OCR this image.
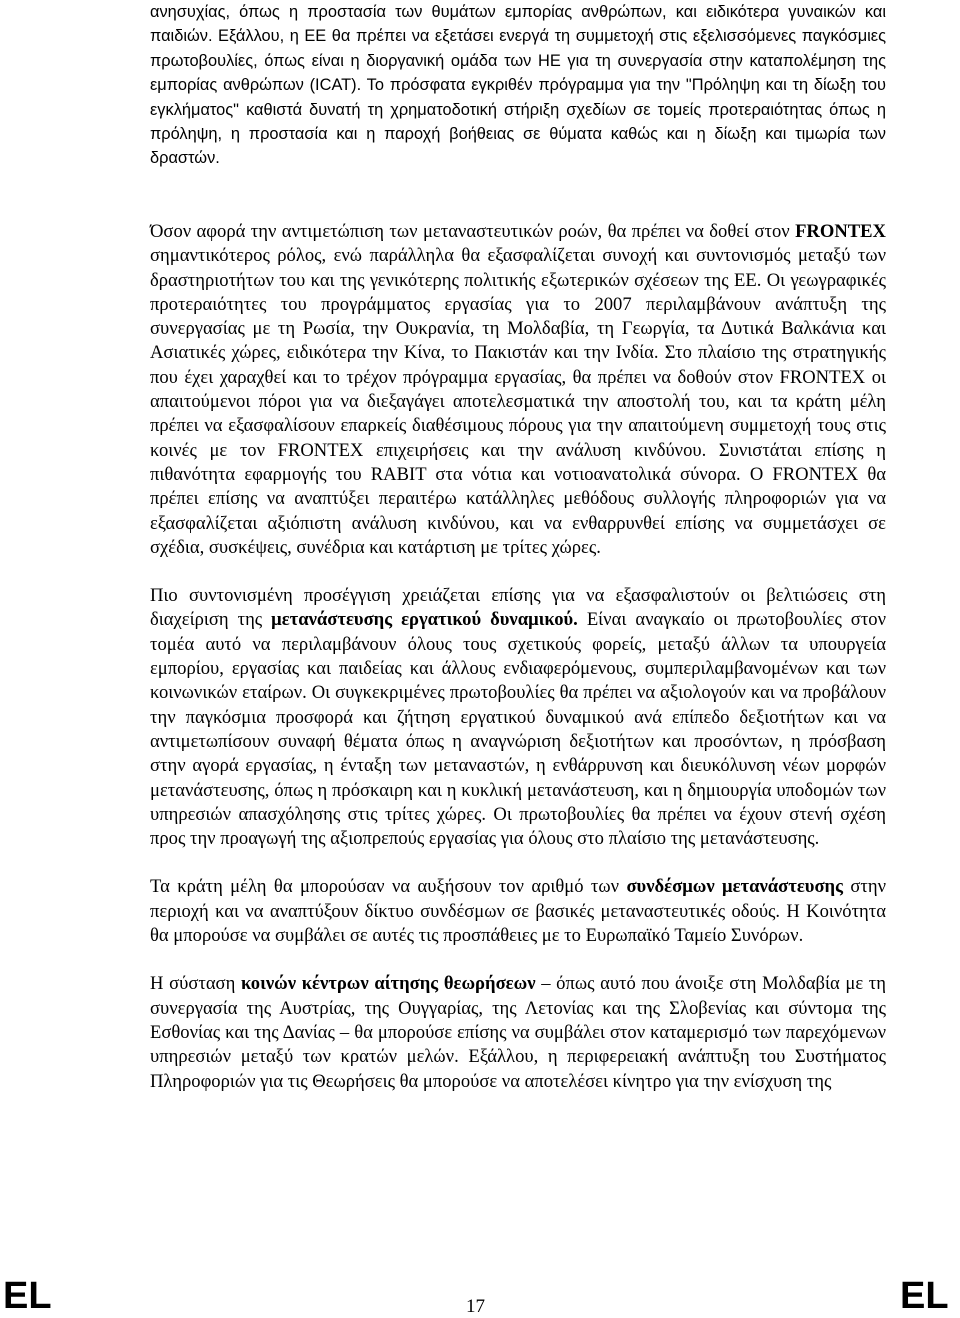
ανησυχίας, όπως η προστασία των θυμάτων εμπορίας ανθρώπων, και ειδικότερα γυναικών και παιδιών. Εξάλλου, η ΕΕ θα πρέπει να εξετάσει ενεργά τη συμμετοχή στις εξελισσόμενες παγκόσμιες πρωτοβουλίες, όπως είναι η διοργανική ομάδα των ΗΕ για τη συνεργασία στην καταπολέμηση της εμπορίας ανθρώπων (ICAT). Το πρόσφατα εγκριθέν πρόγραμμα για την "Πρόληψη και τη δίωξη του εγκλήματος" καθιστά δυνατή τη χρηματοδοτική στήριξη σχεδίων σε τομείς προτεραιότητας όπως η πρόληψη, η προστασία και η παροχή βοήθειας σε θύματα καθώς και η δίωξη και τιμωρία των δραστών.

Όσον αφορά την αντιμετώπιση των μεταναστευτικών ροών, θα πρέπει να δοθεί στον FRONTEX σημαντικότερος ρόλος, ενώ παράλληλα θα εξασφαλίζεται συνοχή και συντονισμός μεταξύ των δραστηριοτήτων του και της γενικότερης πολιτικής εξωτερικών σχέσεων της ΕΕ. Οι γεωγραφικές προτεραιότητες του προγράμματος εργασίας για το 2007 περιλαμβάνουν ανάπτυξη της συνεργασίας με τη Ρωσία, την Ουκρανία, τη Μολδαβία, τη Γεωργία, τα Δυτικά Βαλκάνια και Ασιατικές χώρες, ειδικότερα την Κίνα, το Πακιστάν και την Ινδία. Στο πλαίσιο της στρατηγικής που έχει χαραχθεί και το τρέχον πρόγραμμα εργασίας, θα πρέπει να δοθούν στον FRONTEX οι απαιτούμενοι πόροι για να διεξαγάγει αποτελεσματικά την αποστολή του, και τα κράτη μέλη πρέπει να εξασφαλίσουν επαρκείς διαθέσιμους πόρους για την απαιτούμενη συμμετοχή τους στις κοινές με τον FRONTEX επιχειρήσεις και την ανάλυση κινδύνου. Συνιστάται επίσης η πιθανότητα εφαρμογής του RABIT στα νότια και νοτιοανατολικά σύνορα. Ο FRONTEX θα πρέπει επίσης να αναπτύξει περαιτέρω κατάλληλες μεθόδους συλλογής πληροφοριών για να εξασφαλίζεται αξιόπιστη ανάλυση κινδύνου, και να ενθαρρυνθεί επίσης να συμμετάσχει σε σχέδια, συσκέψεις, συνέδρια και κατάρτιση με τρίτες χώρες.

Πιο συντονισμένη προσέγγιση χρειάζεται επίσης για να εξασφαλιστούν οι βελτιώσεις στη διαχείριση της μετανάστευσης εργατικού δυναμικού. Είναι αναγκαίο οι πρωτοβουλίες στον τομέα αυτό να περιλαμβάνουν όλους τους σχετικούς φορείς, μεταξύ άλλων τα υπουργεία εμπορίου, εργασίας και παιδείας και άλλους ενδιαφερόμενους, συμπεριλαμβανομένων και των κοινωνικών εταίρων. Οι συγκεκριμένες πρωτοβουλίες θα πρέπει να αξιολογούν και να προβάλουν την παγκόσμια προσφορά και ζήτηση εργατικού δυναμικού ανά επίπεδο δεξιοτήτων και να αντιμετωπίσουν συναφή θέματα όπως η αναγνώριση δεξιοτήτων και προσόντων, η πρόσβαση στην αγορά εργασίας, η ένταξη των μεταναστών, η ενθάρρυνση και διευκόλυνση νέων μορφών μετανάστευσης, όπως η πρόσκαιρη και η κυκλική μετανάστευση, και η δημιουργία υποδομών των υπηρεσιών απασχόλησης στις τρίτες χώρες. Οι πρωτοβουλίες θα πρέπει να έχουν στενή σχέση προς την προαγωγή της αξιοπρεπούς εργασίας για όλους στο πλαίσιο της μετανάστευσης.

Τα κράτη μέλη θα μπορούσαν να αυξήσουν τον αριθμό των συνδέσμων μετανάστευσης στην περιοχή και να αναπτύξουν δίκτυο συνδέσμων σε βασικές μεταναστευτικές οδούς. Η Κοινότητα θα μπορούσε να συμβάλει σε αυτές τις προσπάθειες με το Ευρωπαϊκό Ταμείο Συνόρων.

Η σύσταση κοινών κέντρων αίτησης θεωρήσεων – όπως αυτό που άνοιξε στη Μολδαβία με τη συνεργασία της Αυστρίας, της Ουγγαρίας, της Λετονίας και της Σλοβενίας και σύντομα της Εσθονίας και της Δανίας – θα μπορούσε επίσης να συμβάλει στον καταμερισμό των παρεχόμενων υπηρεσιών μεταξύ των κρατών μελών. Εξάλλου, η περιφερειακή ανάπτυξη του Συστήματος Πληροφοριών για τις Θεωρήσεις θα μπορούσε να αποτελέσει κίνητρο για την ενίσχυση της

EL	17	EL
